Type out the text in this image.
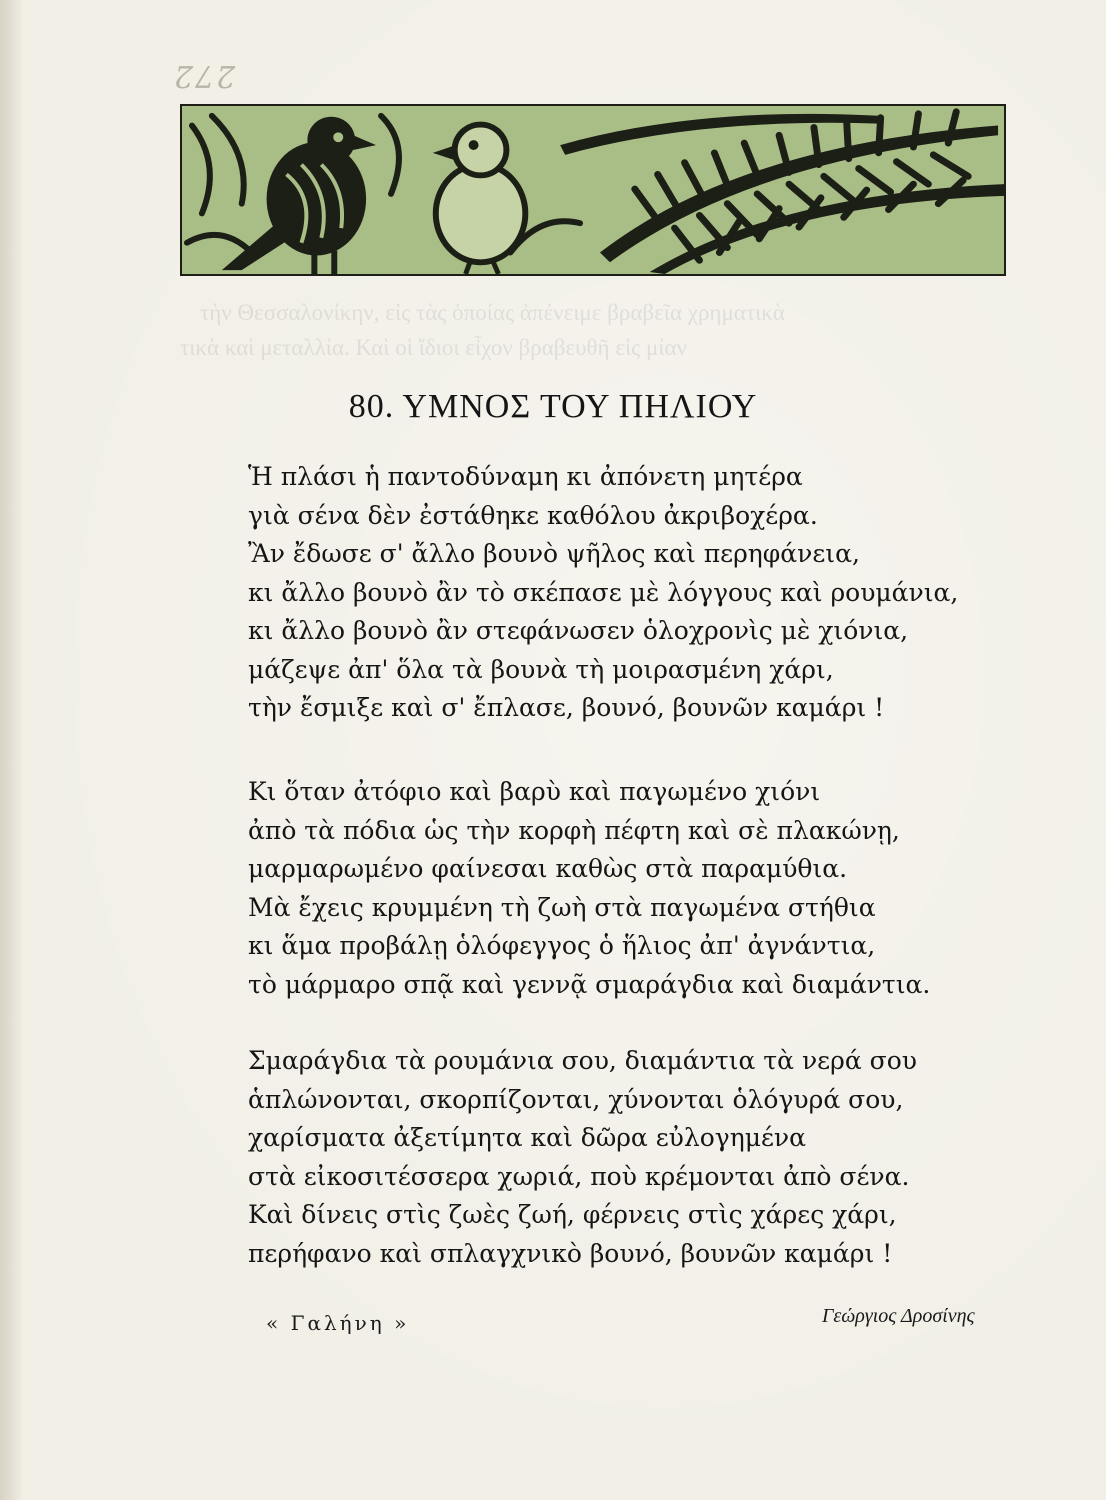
τὴν Θεσσαλονίκην, εἰς τὰς ὁποίας ἀπένειμε βραβεῖα χρηματικὰ
τικὰ καὶ μεταλλία. Καὶ οἱ ἴδιοι εἶχον βραβευθῆ εἰς μίαν
272
80. ΥΜΝΟΣ ΤΟΥ ΠΗΛΙΟΥ
Ἡ πλάσι ἡ παντοδύναμη κι ἀπόνετη μητέρα
γιὰ σένα δὲν ἐστάθηκε καθόλου ἀκριβοχέρα.
Ἂν ἔδωσε σ' ἄλλο βουνὸ ψῆλος καὶ περηφάνεια,
κι ἄλλο βουνὸ ἂν τὸ σκέπασε μὲ λόγγους καὶ ρουμάνια,
κι ἄλλο βουνὸ ἂν στεφάνωσεν ὁλοχρονὶς μὲ χιόνια,
μάζεψε ἀπ' ὅλα τὰ βουνὰ τὴ μοιρασμένη χάρι,
τὴν ἔσμιξε καὶ σ' ἔπλασε, βουνό, βουνῶν καμάρι !
Κι ὅταν ἀτόφιο καὶ βαρὺ καὶ παγωμένο χιόνι
ἀπὸ τὰ πόδια ὡς τὴν κορφὴ πέφτη καὶ σὲ πλακώνῃ,
μαρμαρωμένο φαίνεσαι καθὼς στὰ παραμύθια.
Μὰ ἔχεις κρυμμένη τὴ ζωὴ στὰ παγωμένα στήθια
κι ἅμα προβάλῃ ὁλόφεγγος ὁ ἥλιος ἀπ' ἀγνάντια,
τὸ μάρμαρο σπᾷ καὶ γεννᾷ σμαράγδια καὶ διαμάντια.
Σμαράγδια τὰ ρουμάνια σου, διαμάντια τὰ νερά σου
ἁπλώνονται, σκορπίζονται, χύνονται ὁλόγυρά σου,
χαρίσματα ἀξετίμητα καὶ δῶρα εὐλογημένα
στὰ εἰκοσιτέσσερα χωριά, ποὺ κρέμονται ἀπὸ σένα.
Καὶ δίνεις στὶς ζωὲς ζωή, φέρνεις στὶς χάρες χάρι,
περήφανο καὶ σπλαγχνικὸ βουνό, βουνῶν καμάρι !
« Γαλήνη »	Γεώργιος Δροσίνης
